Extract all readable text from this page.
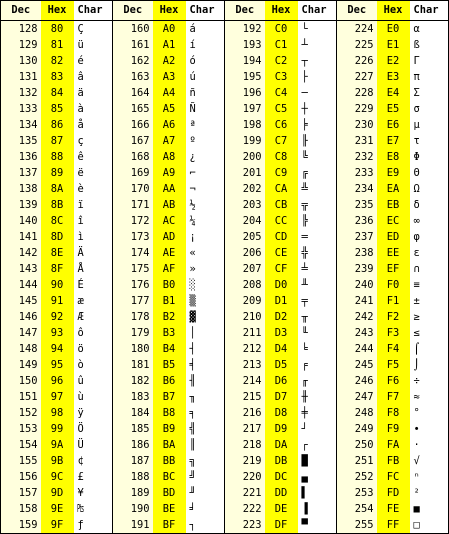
Dec	Hex	Char	Dec	Hex	Char	Dec	Hex	Char	Dec	Hex	Char
128	80	Ç	160	A0	á	192	C0	└	224	E0	α
129	81	ü	161	A1	í	193	C1	┴	225	E1	ß
130	82	é	162	A2	ó	194	C2	┬	226	E2	Γ
131	83	â	163	A3	ú	195	C3	├	227	E3	π
132	84	ä	164	A4	ñ	196	C4	─	228	E4	Σ
133	85	à	165	A5	Ñ	197	C5	┼	229	E5	σ
134	86	å	166	A6	ª	198	C6	╞	230	E6	µ
135	87	ç	167	A7	º	199	C7	╟	231	E7	τ
136	88	ê	168	A8	¿	200	C8	╚	232	E8	Φ
137	89	ë	169	A9	⌐	201	C9	╔	233	E9	Θ
138	8A	è	170	AA	¬	202	CA	╩	234	EA	Ω
139	8B	ï	171	AB	½	203	CB	╦	235	EB	δ
140	8C	î	172	AC	¼	204	CC	╠	236	EC	∞
141	8D	ì	173	AD	¡	205	CD	═	237	ED	φ
142	8E	Ä	174	AE	«	206	CE	╬	238	EE	ε
143	8F	Å	175	AF	»	207	CF	╧	239	EF	∩
144	90	É	176	B0	░	208	D0	╨	240	F0	≡
145	91	æ	177	B1	▒	209	D1	╤	241	F1	±
146	92	Æ	178	B2	▓	210	D2	╥	242	F2	≥
147	93	ô	179	B3	│	211	D3	╙	243	F3	≤
148	94	ö	180	B4	┤	212	D4	╘	244	F4	⌠
149	95	ò	181	B5	╡	213	D5	╒	245	F5	⌡
150	96	û	182	B6	╢	214	D6	╓	246	F6	÷
151	97	ù	183	B7	╖	215	D7	╫	247	F7	≈
152	98	ÿ	184	B8	╕	216	D8	╪	248	F8	°
153	99	Ö	185	B9	╣	217	D9	┘	249	F9	∙
154	9A	Ü	186	BA	║	218	DA	┌	250	FA	·
155	9B	¢	187	BB	╗	219	DB	█	251	FB	√
156	9C	£	188	BC	╝	220	DC	▄	252	FC	ⁿ
157	9D	¥	189	BD	╜	221	DD	▌	253	FD	²
158	9E	₧	190	BE	╛	222	DE	▐	254	FE	■
159	9F	ƒ	191	BF	┐	223	DF	▀	255	FF	□
